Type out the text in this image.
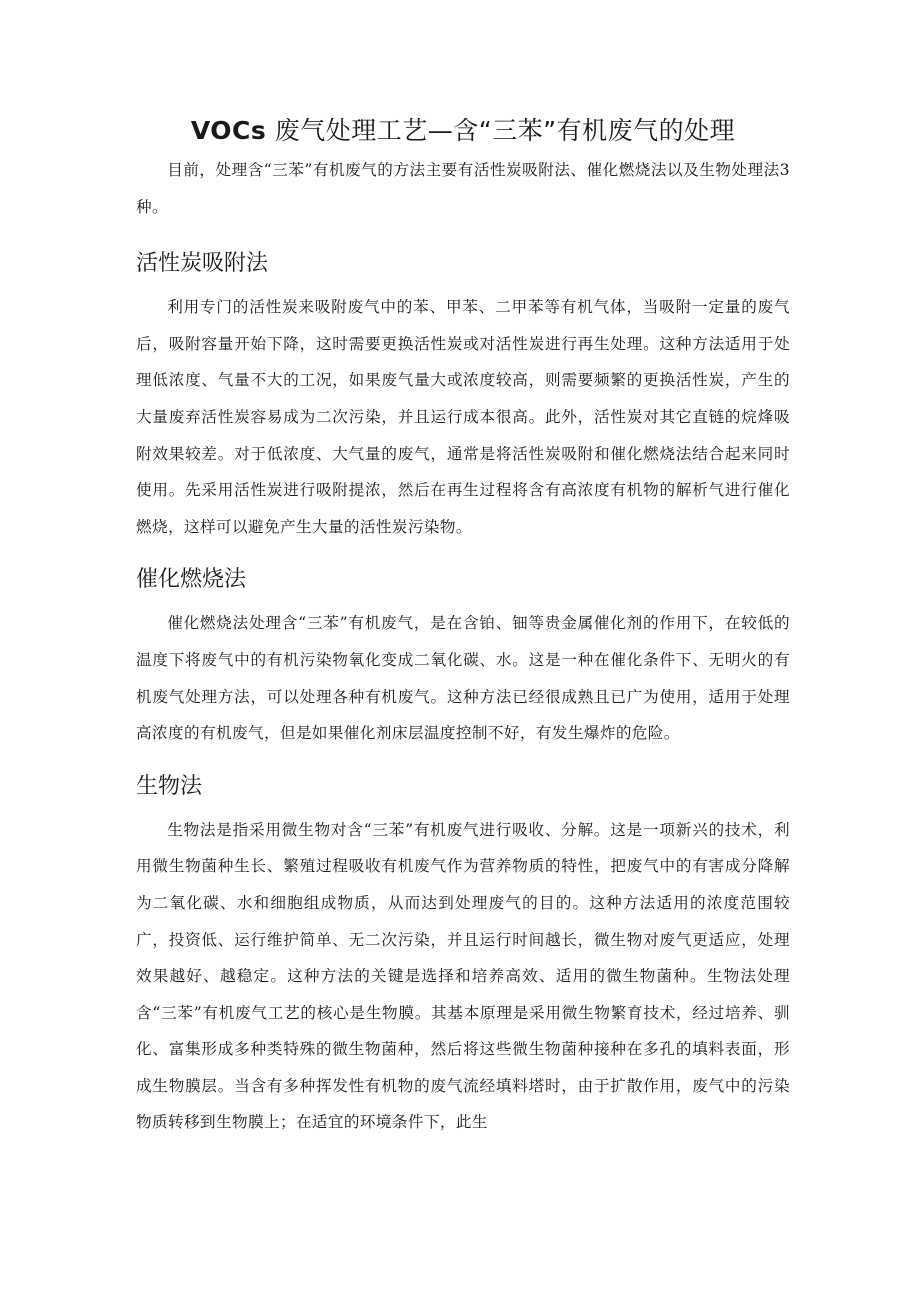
VOCs 废气处理工艺—含“三苯”有机废气的处理

目前，处理含“三苯”有机废气的方法主要有活性炭吸附法、催化燃烧法以及生物处理法3种。

活性炭吸附法

利用专门的活性炭来吸附废气中的苯、甲苯、二甲苯等有机气体，当吸附一定量的废气后，吸附容量开始下降，这时需要更换活性炭或对活性炭进行再生处理。这种方法适用于处理低浓度、气量不大的工况，如果废气量大或浓度较高，则需要频繁的更换活性炭，产生的大量废弃活性炭容易成为二次污染，并且运行成本很高。此外，活性炭对其它直链的烷烽吸附效果较差。对于低浓度、大气量的废气，通常是将活性炭吸附和催化燃烧法结合起来同时使用。先采用活性炭进行吸附提浓，然后在再生过程将含有高浓度有机物的解析气进行催化燃烧，这样可以避免产生大量的活性炭污染物。

催化燃烧法

催化燃烧法处理含“三苯”有机废气，是在含铂、钿等贵金属催化剂的作用下，在较低的温度下将废气中的有机污染物氧化变成二氧化碳、水。这是一种在催化条件下、无明火的有机废气处理方法，可以处理各种有机废气。这种方法已经很成熟且已广为使用，适用于处理高浓度的有机废气，但是如果催化剂床层温度控制不好，有发生爆炸的危险。

生物法

生物法是指采用微生物对含“三苯”有机废气进行吸收、分解。这是一项新兴的技术，利用微生物菌种生长、繁殖过程吸收有机废气作为营养物质的特性，把废气中的有害成分降解为二氧化碳、水和细胞组成物质，从而达到处理废气的目的。这种方法适用的浓度范围较广，投资低、运行维护简单、无二次污染，并且运行时间越长，微生物对废气更适应，处理效果越好、越稳定。这种方法的关键是选择和培养高效、适用的微生物菌种。生物法处理含“三苯”有机废气工艺的核心是生物膜。其基本原理是采用微生物繁育技术，经过培养、驯化、富集形成多种类特殊的微生物菌种，然后将这些微生物菌种接种在多孔的填料表面，形成生物膜层。当含有多种挥发性有机物的废气流经填料塔时，由于扩散作用，废气中的污染物质转移到生物膜上；在适宜的环境条件下，此生
